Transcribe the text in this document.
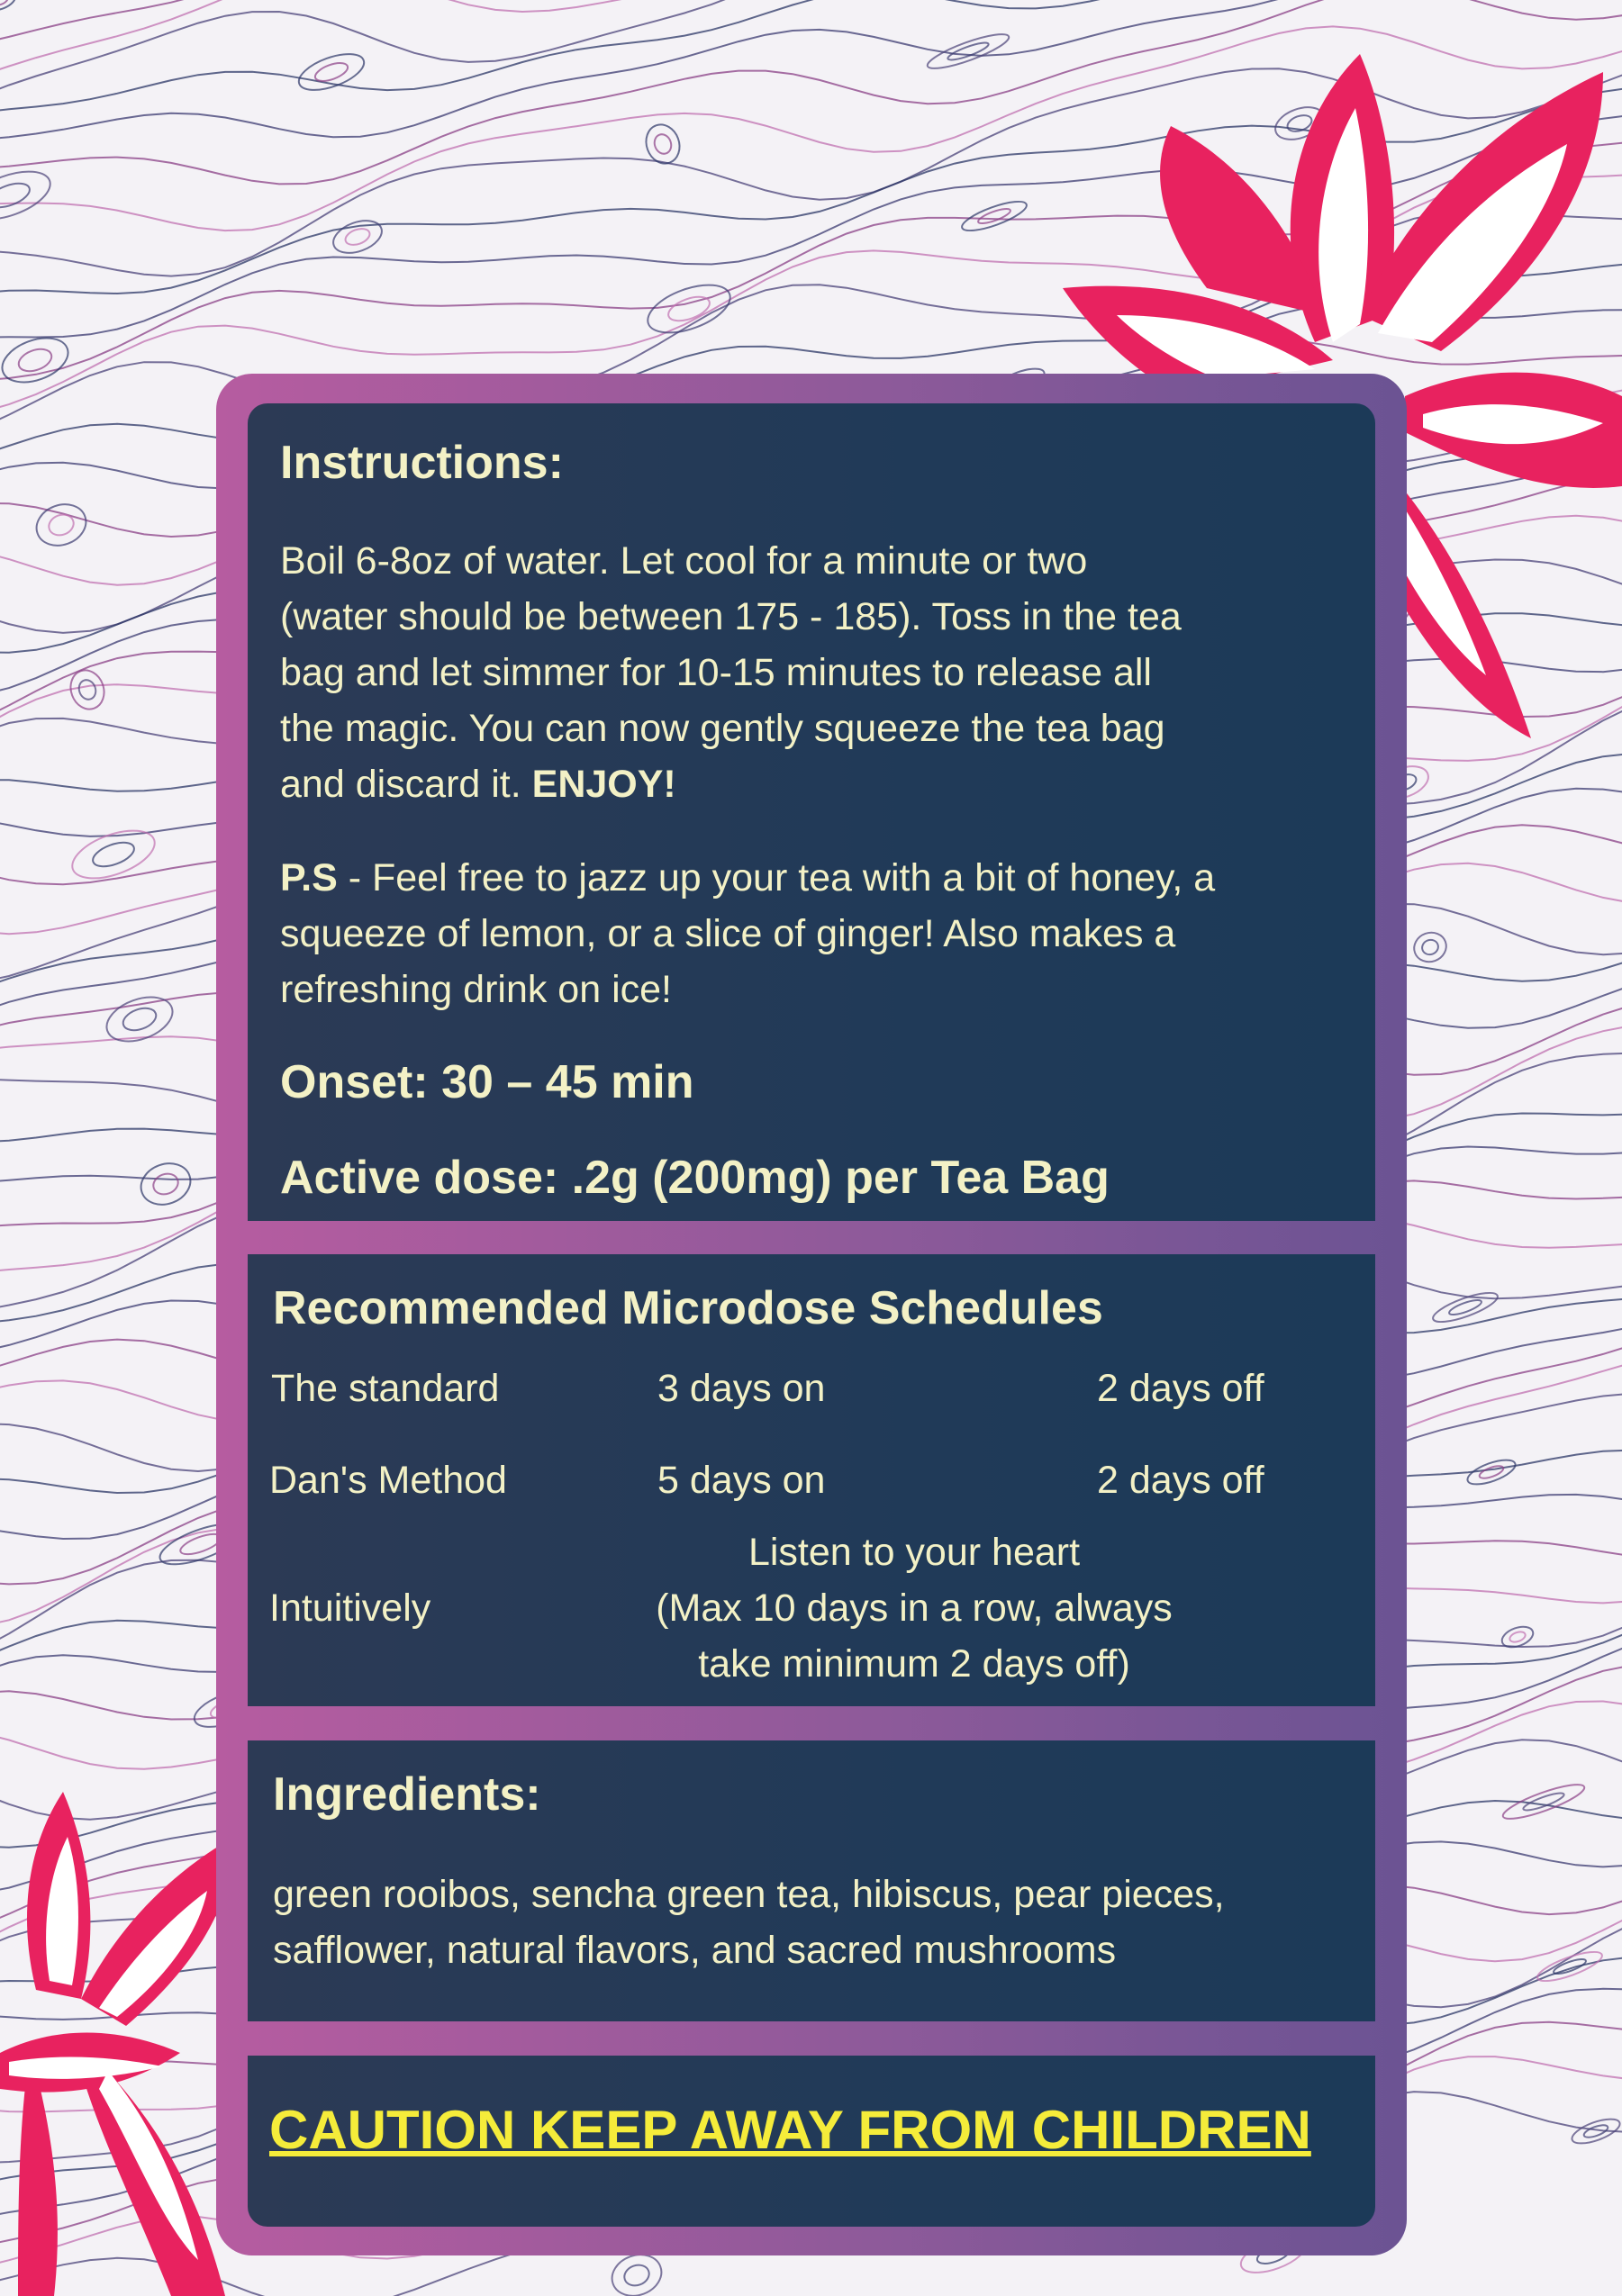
Instructions:
Boil 6-8oz of water. Let cool for a minute or two
(water should be between 175 - 185). Toss in the tea
bag and let simmer for 10-15 minutes to release all
the magic. You can now gently squeeze the tea bag
and discard it. ENJOY!
P.S - Feel free to jazz up your tea with a bit of honey, a
squeeze of lemon, or a slice of ginger! Also makes a
refreshing drink on ice!
Onset: 30 – 45 min
Active dose: .2g (200mg) per Tea Bag
Recommended Microdose Schedules
The standard	3 days on	2 days off
Dan's Method	5 days on	2 days off
Intuitively
Listen to your heart
(Max 10 days in a row, always
take minimum 2 days off)
Ingredients:
green rooibos, sencha green tea, hibiscus, pear pieces,
safflower, natural flavors, and sacred mushrooms
CAUTION KEEP AWAY FROM CHILDREN
